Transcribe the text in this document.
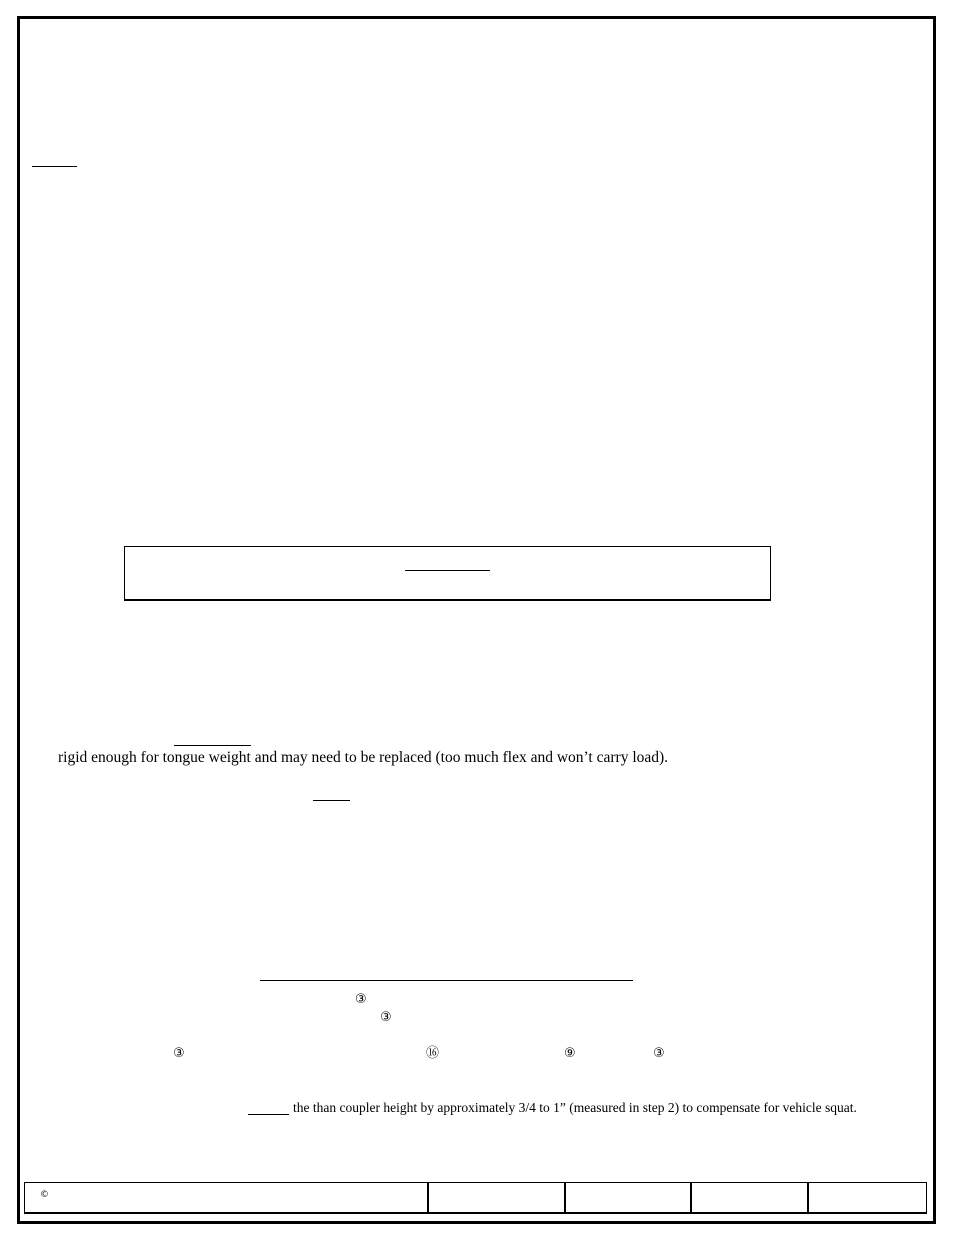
rigid enough for tongue weight and may need to be replaced (too much flex and won’t carry load).
③
③
③	⑯	⑨	③
the than coupler height by approximately 3/4 to 1” (measured in step 2) to compensate for vehicle squat.
©
